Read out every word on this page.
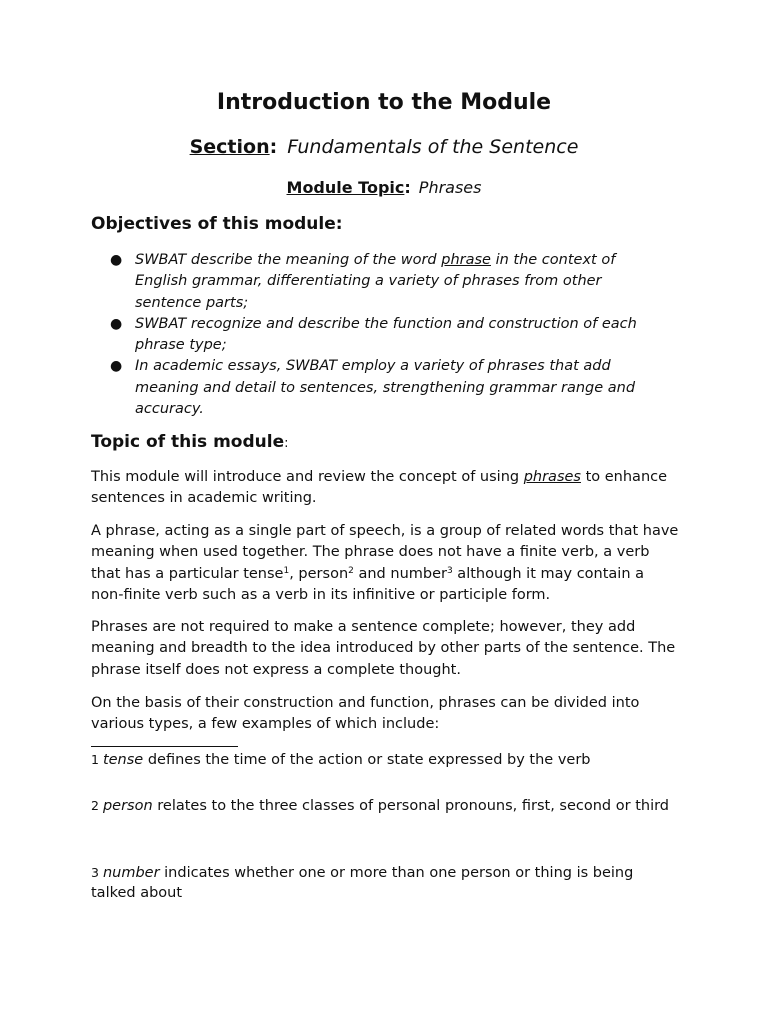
Introduction to the Module
Section: Fundamentals of the Sentence
Module Topic: Phrases
Objectives of this module:
● SWBAT describe the meaning of the word phrase in the context of English grammar, differentiating a variety of phrases from other sentence parts;
● SWBAT recognize and describe the function and construction of each phrase type;
● In academic essays, SWBAT employ a variety of phrases that add meaning and detail to sentences, strengthening grammar range and accuracy.
Topic of this module:

This module will introduce and review the concept of using phrases to enhance sentences in academic writing.

A phrase, acting as a single part of speech, is a group of related words that have meaning when used together. The phrase does not have a finite verb, a verb that has a particular tense$^1$, person$^2$ and number$^3$ although it may contain a non-finite verb such as a verb in its infinitive or participle form.

Phrases are not required to make a sentence complete; however, they add meaning and breadth to the idea introduced by other parts of the sentence. The phrase itself does not express a complete thought.

On the basis of their construction and function, phrases can be divided into various types, a few examples of which include:

1 tense defines the time of the action or state expressed by the verb

2 person relates to the three classes of personal pronouns, first, second or third

3 number indicates whether one or more than one person or thing is being talked about
